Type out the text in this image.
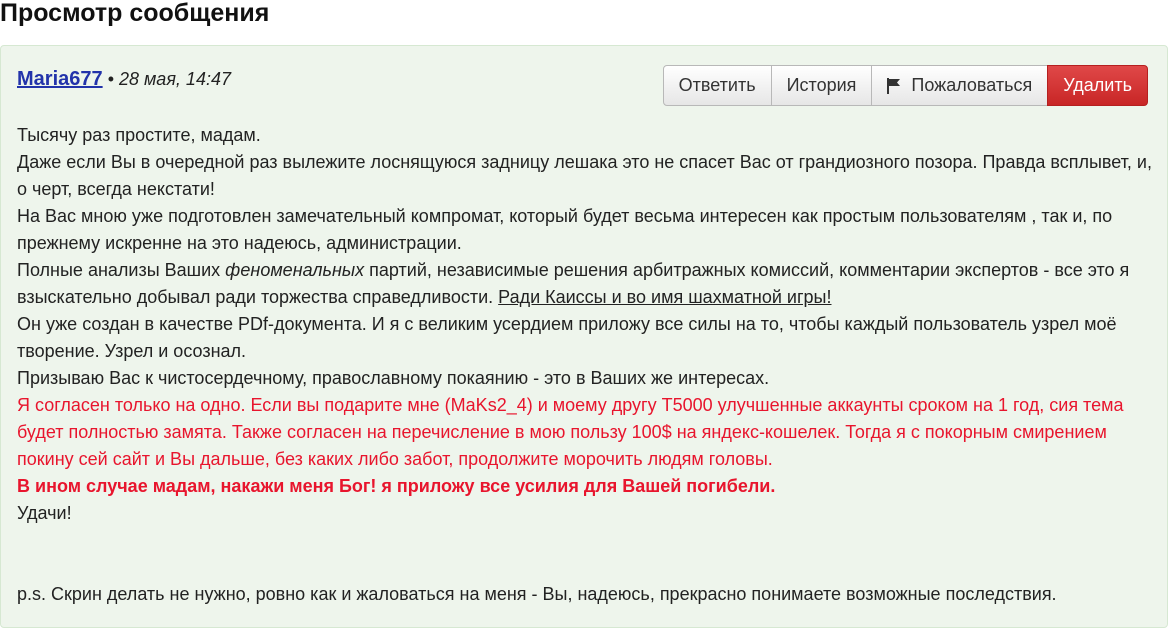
Просмотр сообщения
Maria677 • 28 мая, 14:47	Ответить История	Пожаловаться Удалить

Тысячу раз простите, мадам.

Даже если Вы в очередной раз вылежите лоснящуюся задницу лешака это не спасет Вас от грандиозного позора. Правда всплывет, и, о черт, всегда некстати!

На Вас мною уже подготовлен замечательный компромат, который будет весьма интересен как простым пользователям , так и, по прежнему искренне на это надеюсь, администрации.

Полные анализы Ваших феноменальных партий, независимые решения арбитражных комиссий, комментарии экспертов - все это я взыскательно добывал ради торжества справедливости. Ради Каиссы и во имя шахматной игры!

Он уже создан в качестве PDf-документа. И я с великим усердием приложу все силы на то, чтобы каждый пользователь узрел моё творение. Узрел и осознал.

Призываю Вас к чистосердечному, православному покаянию - это в Ваших же интересах.

Я согласен только на одно. Если вы подарите мне (MaKs2_4) и моему другу T5000 улучшенные аккаунты сроком на 1 год, сия тема будет полностью замята. Также согласен на перечисление в мою пользу 100$ на яндекс-кошелек. Тогда я с покорным смирением покину сей сайт и Вы дальше, без каких либо забот, продолжите морочить людям головы.

В ином случае мадам, накажи меня Бог! я приложу все усилия для Вашей погибели.

Удачи!

p.s. Скрин делать не нужно, ровно как и жаловаться на меня - Вы, надеюсь, прекрасно понимаете возможные последствия.
